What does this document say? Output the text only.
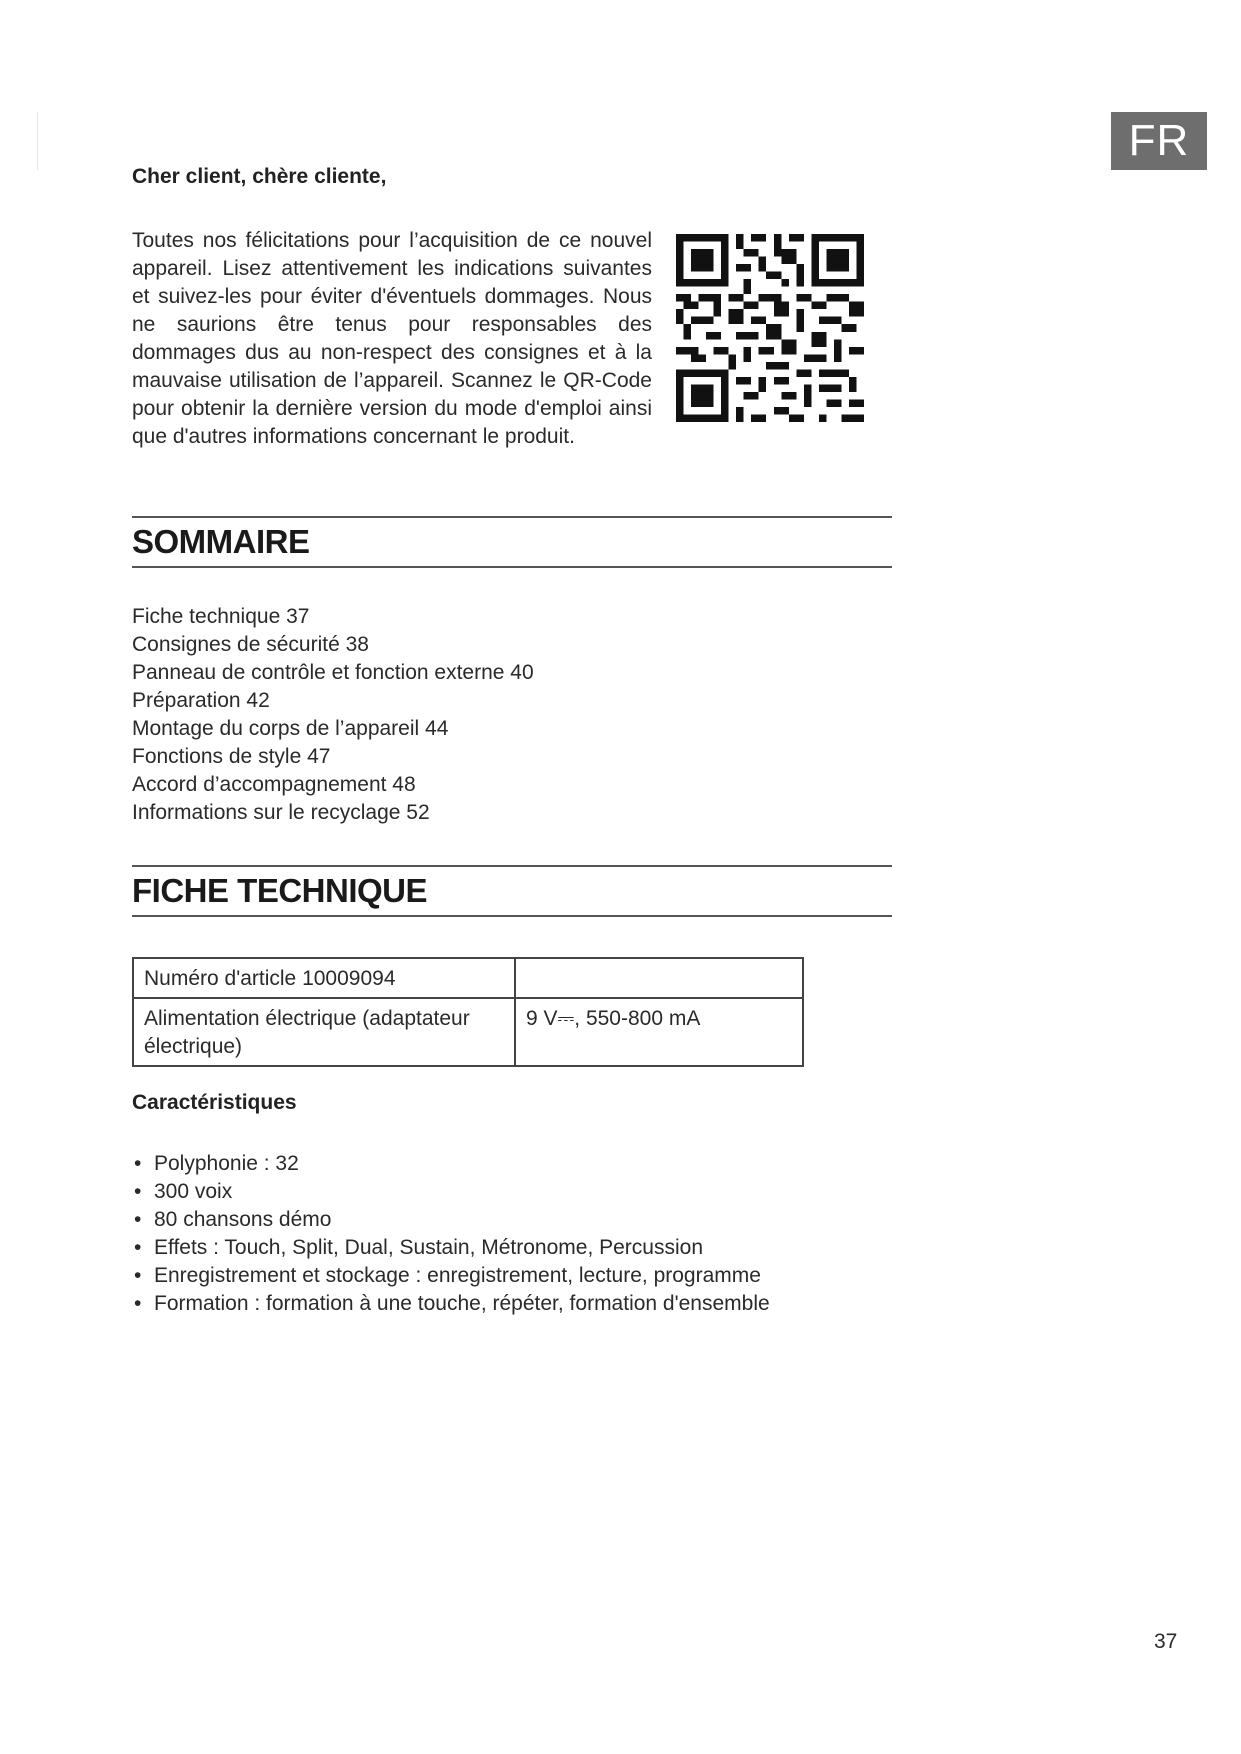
FR
Cher client, chère cliente,
Toutes nos félicitations pour l’acquisition de ce nouvel appareil. Lisez attentivement les indications suivantes et suivez-les pour éviter d'éventuels dommages. Nous ne saurions être tenus pour responsables des dommages dus au non-respect des consignes et à la mauvaise utilisation de l’appareil. Scannez le QR-Code pour obtenir la dernière version du mode d'emploi ainsi que d'autres informations concernant le produit.
SOMMAIRE
Fiche technique 37
Consignes de sécurité 38
Panneau de contrôle et fonction externe 40
Préparation 42
Montage du corps de l’appareil 44
Fonctions de style 47
Accord d’accompagnement 48
Informations sur le recyclage 52
FICHE TECHNIQUE
Numéro d'article 10009094	
Alimentation électrique (adaptateur électrique)	9 V⎓, 550-800 mA
Caractéristiques
• Polyphonie : 32
• 300 voix
• 80 chansons démo
• Effets : Touch, Split, Dual, Sustain, Métronome, Percussion
• Enregistrement et stockage : enregistrement, lecture, programme
• Formation : formation à une touche, répéter, formation d'ensemble
37
